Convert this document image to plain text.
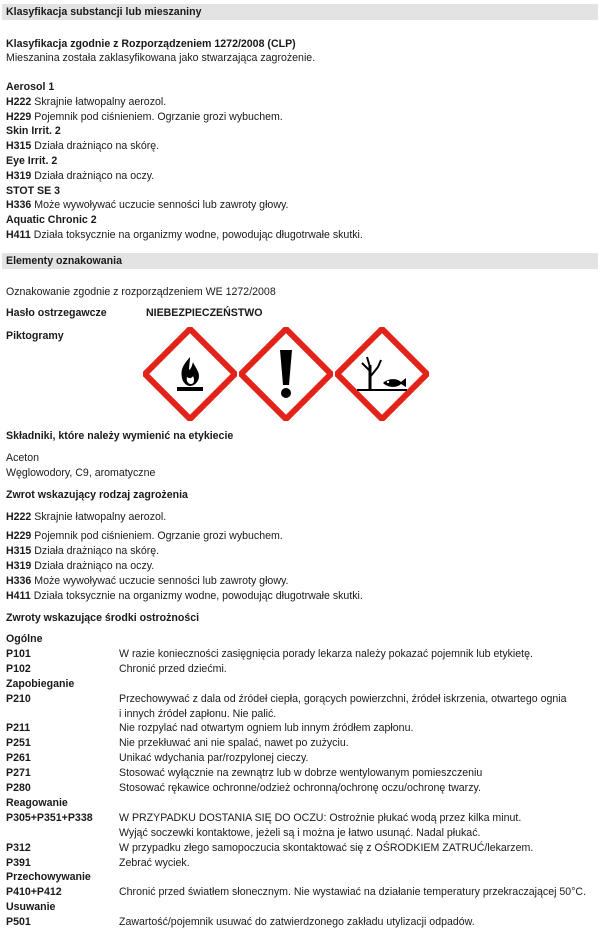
Klasyfikacja substancji lub mieszaniny
Klasyfikacja zgodnie z Rozporządzeniem 1272/2008 (CLP)
Mieszanina została zaklasyfikowana jako stwarzająca zagrożenie.
Aerosol 1
H222 Skrajnie łatwopalny aerozol.
H229 Pojemnik pod ciśnieniem. Ogrzanie grozi wybuchem.
Skin Irrit. 2
H315 Działa drażniąco na skórę.
Eye Irrit. 2
H319 Działa drażniąco na oczy.
STOT SE 3
H336 Może wywoływać uczucie senności lub zawroty głowy.
Aquatic Chronic 2
H411 Działa toksycznie na organizmy wodne, powodując długotrwałe skutki.
Elementy oznakowania
Oznakowanie zgodnie z rozporządzeniem WE 1272/2008
Hasło ostrzegawcze	NIEBEZPIECZEŃSTWO
Piktogramy
Składniki, które należy wymienić na etykiecie
Aceton
Węglowodory, C9, aromatyczne
Zwrot wskazujący rodzaj zagrożenia
H222 Skrajnie łatwopalny aerozol.
H229 Pojemnik pod ciśnieniem. Ogrzanie grozi wybuchem.
H315 Działa drażniąco na skórę.
H319 Działa drażniąco na oczy.
H336 Może wywoływać uczucie senności lub zawroty głowy.
H411 Działa toksycznie na organizmy wodne, powodując długotrwałe skutki.
Zwroty wskazujące środki ostrożności
Ogólne
P101	W razie konieczności zasięgnięcia porady lekarza należy pokazać pojemnik lub etykietę.
P102	Chronić przed dziećmi.
Zapobieganie
P210	Przechowywać z dala od źródeł ciepła, gorących powierzchni, źródeł iskrzenia, otwartego ognia
i innych źródeł zapłonu. Nie palić.
P211	Nie rozpylać nad otwartym ogniem lub innym źródłem zapłonu.
P251	Nie przekłuwać ani nie spalać, nawet po zużyciu.
P261	Unikać wdychania par/rozpylonej cieczy.
P271	Stosować wyłącznie na zewnątrz lub w dobrze wentylowanym pomieszczeniu
P280	Stosować rękawice ochronne/odzież ochronną/ochronę oczu/ochronę twarzy.
Reagowanie
P305+P351+P338 W PRZYPADKU DOSTANIA SIĘ DO OCZU: Ostrożnie płukać wodą przez kilka minut.
Wyjąć soczewki kontaktowe, jeżeli są i można je łatwo usunąć. Nadal płukać.
P312	W przypadku złego samopoczucia skontaktować się z OŚRODKIEM ZATRUĆ/lekarzem.
P391	Zebrać wyciek.
Przechowywanie
P410+P412	Chronić przed światłem słonecznym. Nie wystawiać na działanie temperatury przekraczającej 50°C.
Usuwanie
P501	Zawartość/pojemnik usuwać do zatwierdzonego zakładu utylizacji odpadów.
